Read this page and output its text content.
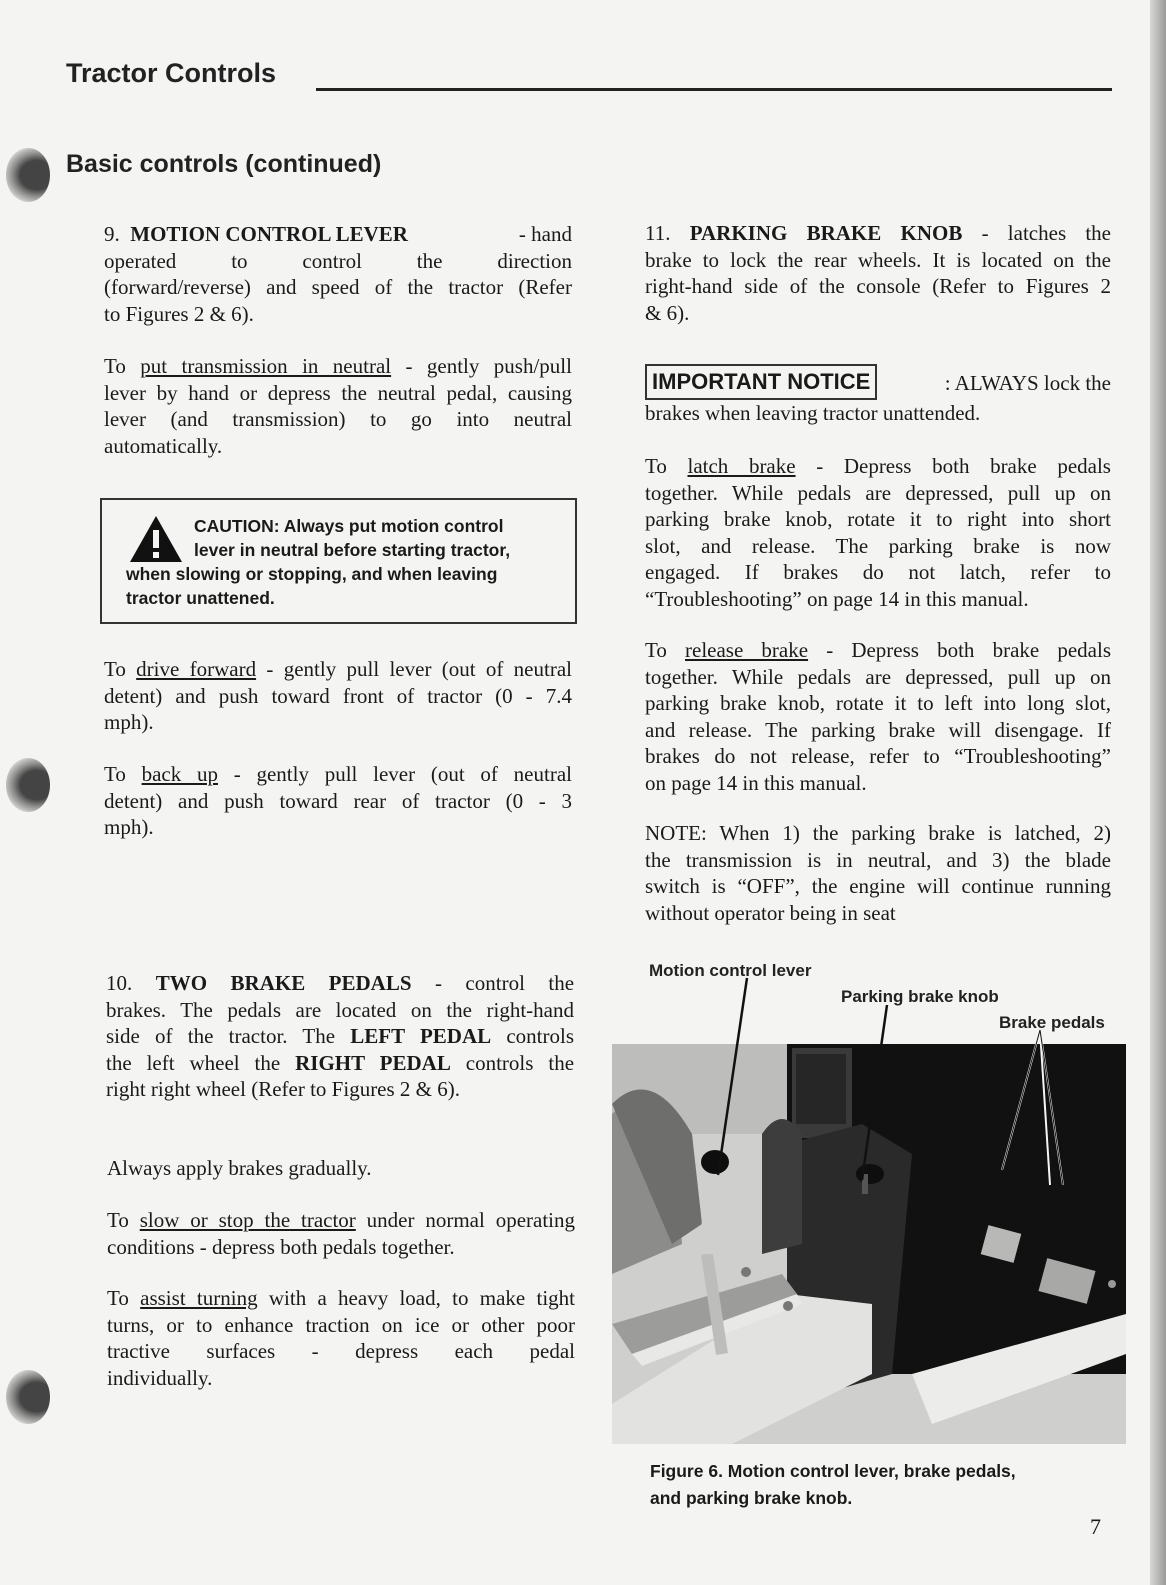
Tractor Controls
Basic controls (continued)
9. MOTION CONTROL LEVER	- hand
operated to control the direction
(forward/reverse) and speed of the tractor (Refer
to Figures 2 & 6).
To put transmission in neutral - gently push/pull
lever by hand or depress the neutral pedal, causing
lever (and transmission) to go into neutral
automatically.
CAUTION: Always put motion control
lever in neutral before starting tractor,
when slowing or stopping, and when leaving
tractor unattened.
To drive forward - gently pull lever (out of neutral
detent) and push toward front of tractor (0 - 7.4
mph).
To back up - gently pull lever (out of neutral
detent) and push toward rear of tractor (0 - 3
mph).
10. TWO BRAKE PEDALS - control the
brakes. The pedals are located on the right-hand
side of the tractor. The LEFT PEDAL controls
the left wheel the RIGHT PEDAL controls the
right right wheel (Refer to Figures 2 & 6).
Always apply brakes gradually.
To slow or stop the tractor under normal operating
conditions - depress both pedals together.
To assist turning with a heavy load, to make tight
turns, or to enhance traction on ice or other poor
tractive surfaces - depress each pedal
individually.
11. PARKING BRAKE KNOB - latches the
brake to lock the rear wheels. It is located on the
right-hand side of the console (Refer to Figures 2
& 6).
IMPORTANT NOTICE	: ALWAYS lock the
brakes when leaving tractor unattended.
To latch brake - Depress both brake pedals
together. While pedals are depressed, pull up on
parking brake knob, rotate it to right into short
slot, and release. The parking brake is now
engaged. If brakes do not latch, refer to
“Troubleshooting” on page 14 in this manual.
To release brake - Depress both brake pedals
together. While pedals are depressed, pull up on
parking brake knob, rotate it to left into long slot,
and release. The parking brake will disengage. If
brakes do not release, refer to “Troubleshooting”
on page 14 in this manual.
NOTE: When 1) the parking brake is latched, 2)
the transmission is in neutral, and 3) the blade
switch is “OFF”, the engine will continue running
without operator being in seat
Motion control lever
Parking brake knob
Brake pedals
Figure 6. Motion control lever, brake pedals,
and parking brake knob.
7
